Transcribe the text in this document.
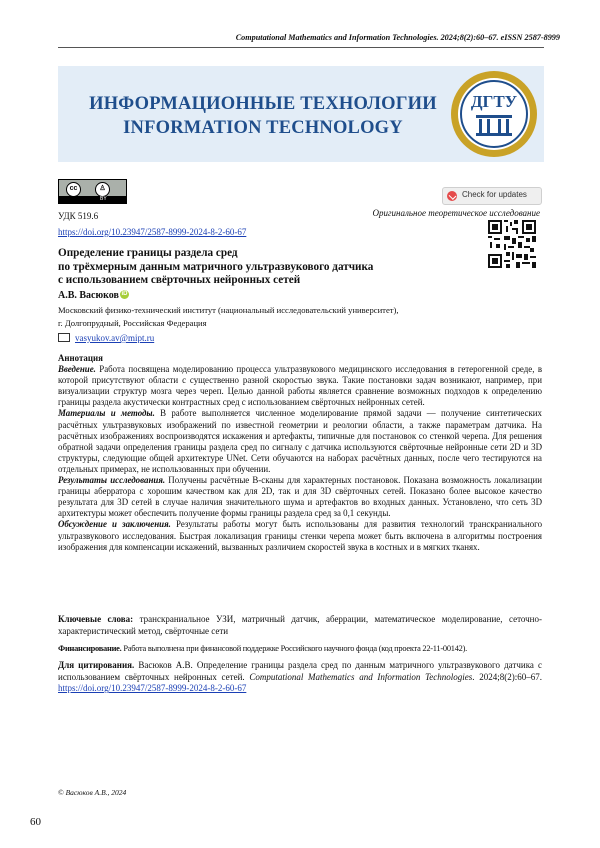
Computational Mathematics and Information Technologies. 2024;8(2):60–67. eISSN 2587-8999
ИНФОРМАЦИОННЫЕ ТЕХНОЛОГИИ
INFORMATION TECHNOLOGY
ДГТУ
cc	♙
BY	Check for updates
УДК 519.6
https://doi.org/10.23947/2587-8999-2024-8-2-60-67
Оригинальное теоретическое исследование
Определение границы раздела сред
по трёхмерным данным матричного ультразвукового датчика
с использованием свёрточных нейронных сетей
А.В. Васюков iD
Московский физико-технический институт (национальный исследовательский университет),
г. Долгопрудный, Российская Федерация
vasyukov.av@mipt.ru

Аннотация

Введение. Работа посвящена моделированию процесса ультразвукового медицинского исследования в гетерогенной среде, в которой присутствуют области с существенно разной скоростью звука. Такие постановки задач возникают, например, при визуализации структур мозга через череп. Целью данной работы является сравнение возможных подходов к определению границы раздела акустически контрастных сред с использованием свёрточных нейронных сетей.

Материалы и методы. В работе выполняется численное моделирование прямой задачи — получение синтетических расчётных ультразвуковых изображений по известной геометрии и реологии области, а также параметрам датчика. На расчётных изображениях воспроизводятся искажения и артефакты, типичные для постановок со стенкой черепа. Для решения обратной задачи определения границы раздела сред по сигналу с датчика используются свёрточные нейронные сети 2D и 3D структуры, следующие общей архитектуре UNet. Сети обучаются на наборах расчётных данных, после чего тестируются на отдельных примерах, не использованных при обучении.

Результаты исследования. Получены расчётные B-сканы для характерных постановок. Показана возможность локализации границы аберратора с хорошим качеством как для 2D, так и для 3D свёрточных сетей. Показано более высокое качество результата для 3D сетей в случае наличия значительного шума и артефактов во входных данных. Установлено, что сеть 3D архитектуры может обеспечить получение формы границы раздела сред за 0,1 секунды.

Обсуждение и заключения. Результаты работы могут быть использованы для развития технологий транскраниального ультразвукового исследования. Быстрая локализация границы стенки черепа может быть включена в алгоритмы построения изображения для компенсации искажений, вызванных различием скоростей звука в костных и в мягких тканях.

Ключевые слова: транскраниальное УЗИ, матричный датчик, аберрации, математическое моделирование, сеточно-характеристический метод, свёрточные сети
Финансирование. Работа выполнена при финансовой поддержке Российского научного фонда (код проекта 22-11-00142).
Для цитирования. Васюков А.В. Определение границы раздела сред по данным матричного ультразвукового датчика с использованием свёрточных нейронных сетей. Computational Mathematics and Information Technologies. 2024;8(2):60–67. https://doi.org/10.23947/2587-8999-2024-8-2-60-67
© Васюков А.В., 2024
60
